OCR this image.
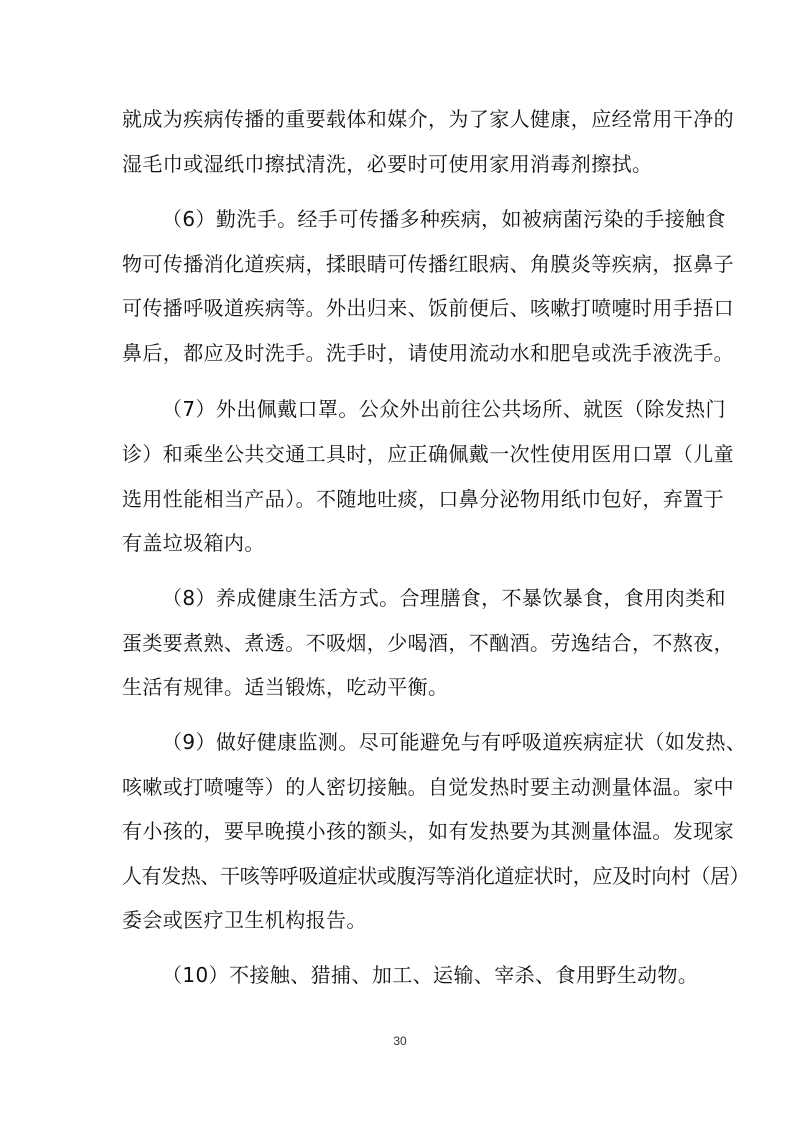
就成为疾病传播的重要载体和媒介，为了家人健康，应经常用干净的
湿毛巾或湿纸巾擦拭清洗，必要时可使用家用消毒剂擦拭。
（6）勤洗手。经手可传播多种疾病，如被病菌污染的手接触食
物可传播消化道疾病，揉眼睛可传播红眼病、角膜炎等疾病，抠鼻子
可传播呼吸道疾病等。外出归来、饭前便后、咳嗽打喷嚏时用手捂口
鼻后，都应及时洗手。洗手时，请使用流动水和肥皂或洗手液洗手。
（7）外出佩戴口罩。公众外出前往公共场所、就医（除发热门
诊）和乘坐公共交通工具时，应正确佩戴一次性使用医用口罩（儿童
选用性能相当产品）。不随地吐痰，口鼻分泌物用纸巾包好，弃置于
有盖垃圾箱内。
（8）养成健康生活方式。合理膳食，不暴饮暴食，食用肉类和
蛋类要煮熟、煮透。不吸烟，少喝酒，不酗酒。劳逸结合，不熬夜，
生活有规律。适当锻炼，吃动平衡。
（9）做好健康监测。尽可能避免与有呼吸道疾病症状（如发热、
咳嗽或打喷嚏等）的人密切接触。自觉发热时要主动测量体温。家中
有小孩的，要早晚摸小孩的额头，如有发热要为其测量体温。发现家
人有发热、干咳等呼吸道症状或腹泻等消化道症状时，应及时向村（居）
委会或医疗卫生机构报告。
（10）不接触、猎捕、加工、运输、宰杀、食用野生动物。
30
